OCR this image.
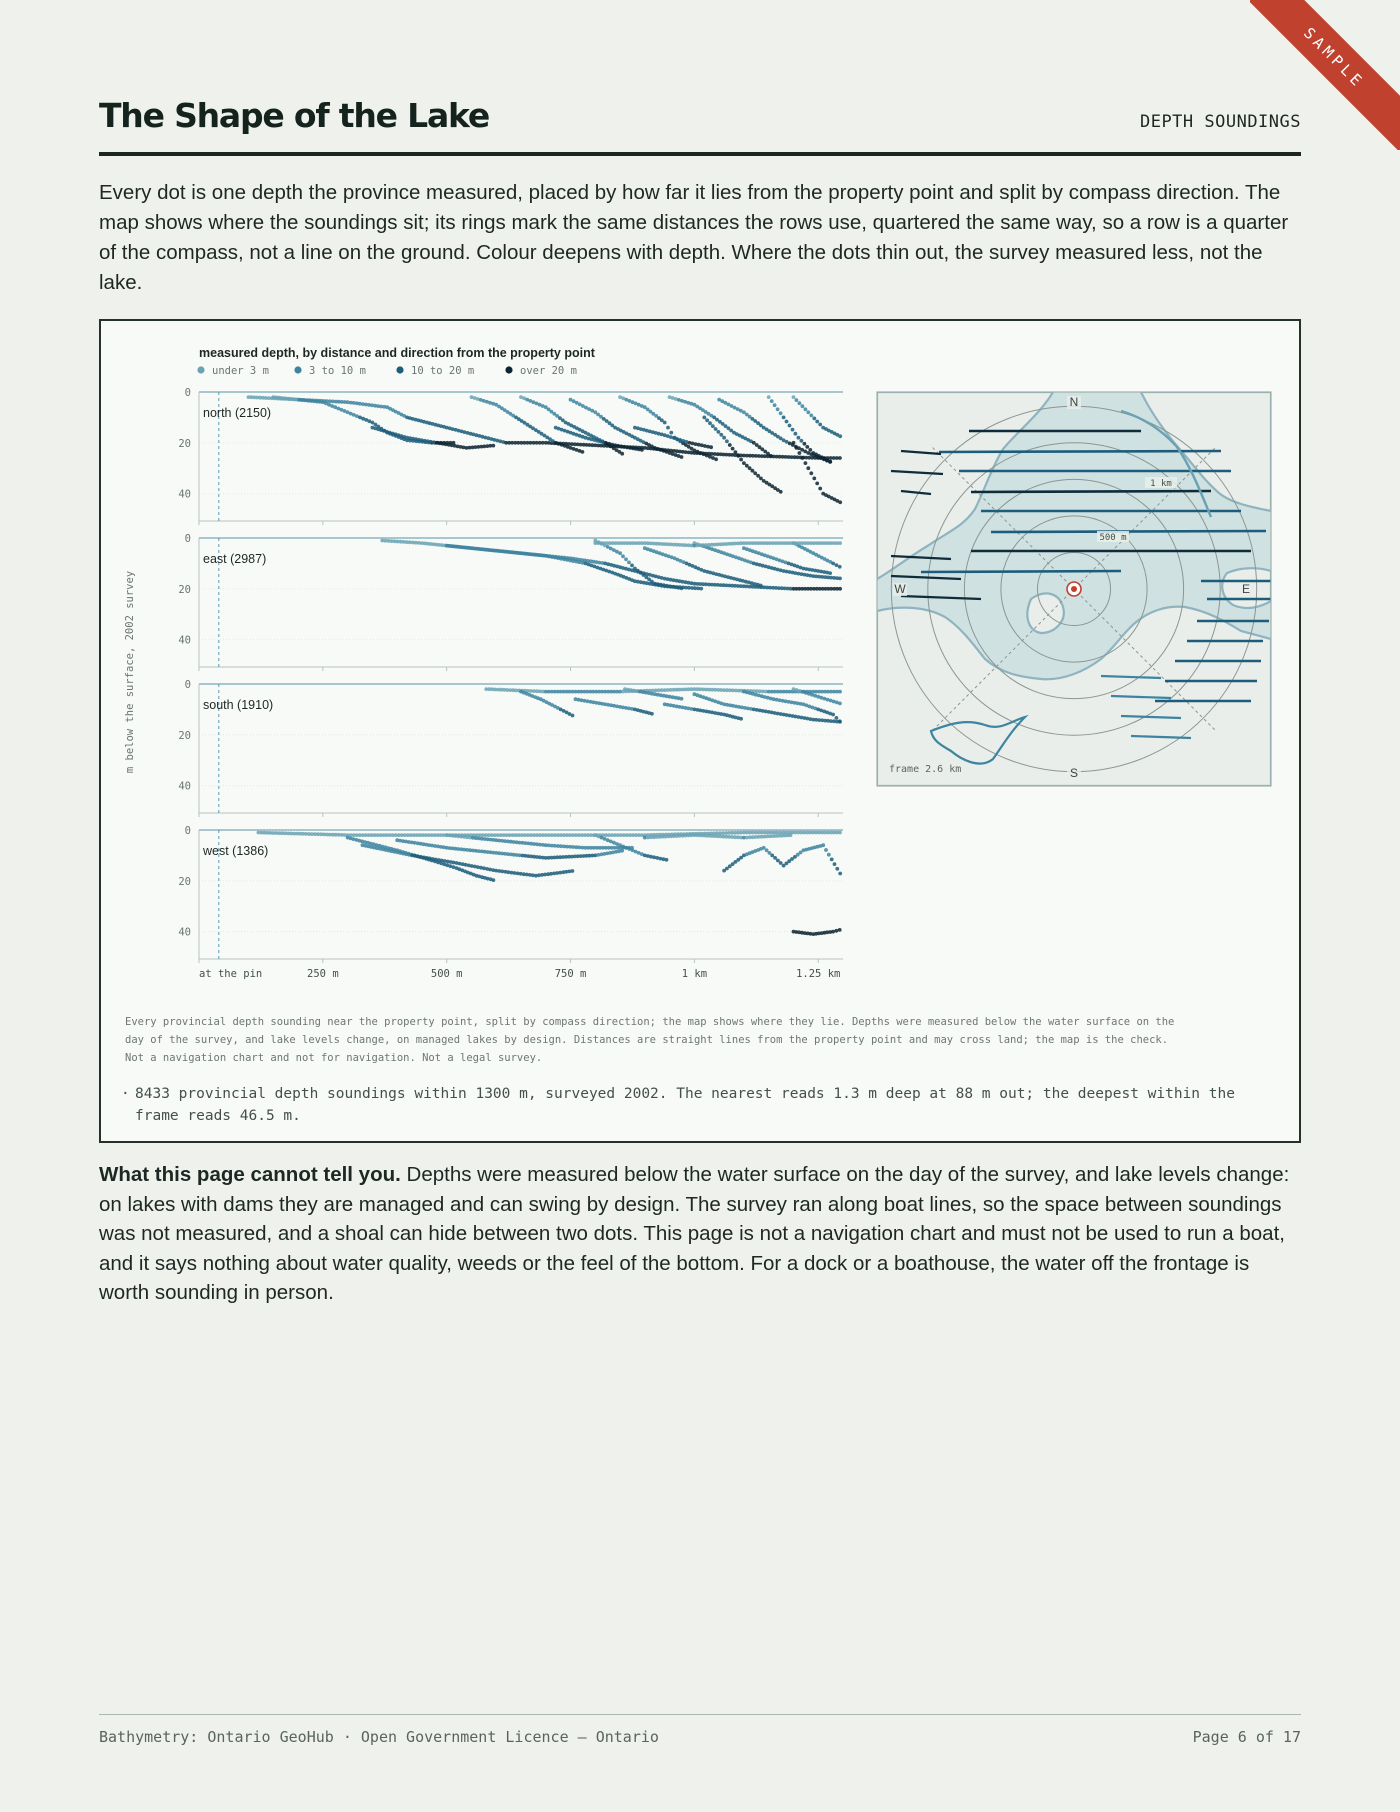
SAMPLE
The Shape of the Lake	DEPTH SOUNDINGS

Every dot is one depth the province measured, placed by how far it lies from the property point and split by compass direction. The map shows where the soundings sit; its rings mark the same distances the rows use, quartered the same way, so a row is a quarter of the compass, not a line on the ground. Colour deepens with depth. Where the dots thin out, the survey measured less, not the lake.

measured depth, by distance and direction from the property point
under 3 m	3 to 10 m	10 to 20 m	over 20 m
m below the surface, 2002 survey
0
20
40
north (2150)
0
20
40
east (2987)
0
20
40
south (1910)
0
20
40
west (1386)
at the pin	250 m	500 m	750 m	1 km	1.25 km
N
E
S
W
500 m
1 km
frame 2.6 km
Every provincial depth sounding near the property point, split by compass direction; the map shows where they lie. Depths were measured below the water surface on the day of the survey, and lake levels change, on managed lakes by design. Distances are straight lines from the property point and may cross land; the map is the check. Not a navigation chart and not for navigation. Not a legal survey.
· 8433 provincial depth soundings within 1300 m, surveyed 2002. The nearest reads 1.3 m deep at 88 m out; the deepest within the frame reads 46.5 m.

What this page cannot tell you. Depths were measured below the water surface on the day of the survey, and lake levels change: on lakes with dams they are managed and can swing by design. The survey ran along boat lines, so the space between soundings was not measured, and a shoal can hide between two dots. This page is not a navigation chart and must not be used to run a boat, and it says nothing about water quality, weeds or the feel of the bottom. For a dock or a boathouse, the water off the frontage is worth sounding in person.

Bathymetry: Ontario GeoHub · Open Government Licence – Ontario	Page 6 of 17
